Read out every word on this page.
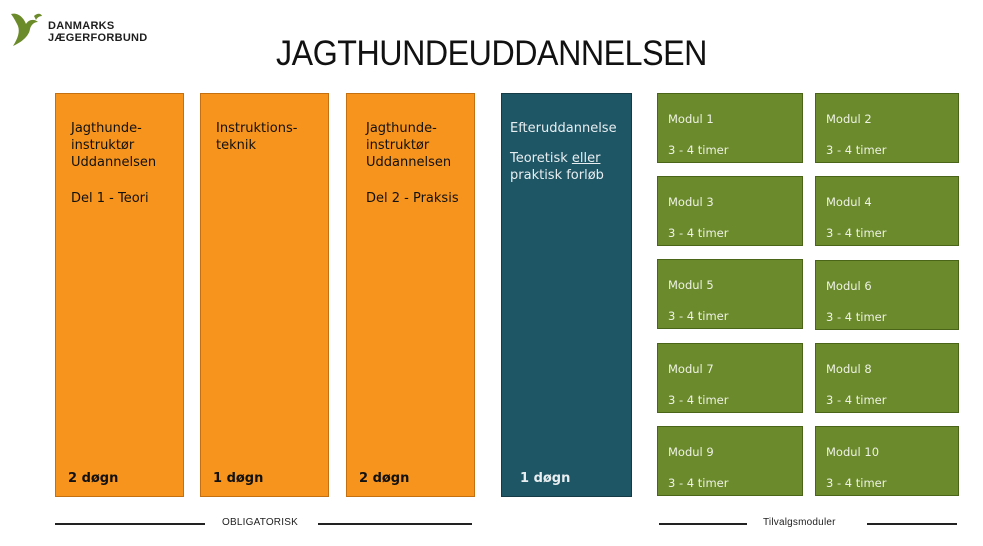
DANMARKS
JÆGERFORBUND	JAGTHUNDEUDDANNELSEN

Jagthunde-
instruktør
Uddannelsen

Del 1 - Teori

2 døgn

Instruktions-
teknik

1 døgn

Jagthunde-
instruktør
Uddannelsen

Del 2 - Praksis

2 døgn

Efteruddannelse

Teoretisk eller
praktisk forløb

1 døgn
Modul 1
3 - 4 timer
Modul 2
3 - 4 timer
Modul 3
3 - 4 timer
Modul 4
3 - 4 timer
Modul 5
3 - 4 timer
Modul 6
3 - 4 timer
Modul 7
3 - 4 timer
Modul 8
3 - 4 timer
Modul 9
3 - 4 timer
Modul 10
3 - 4 timer
OBLIGATORISK	Tilvalgsmoduler
